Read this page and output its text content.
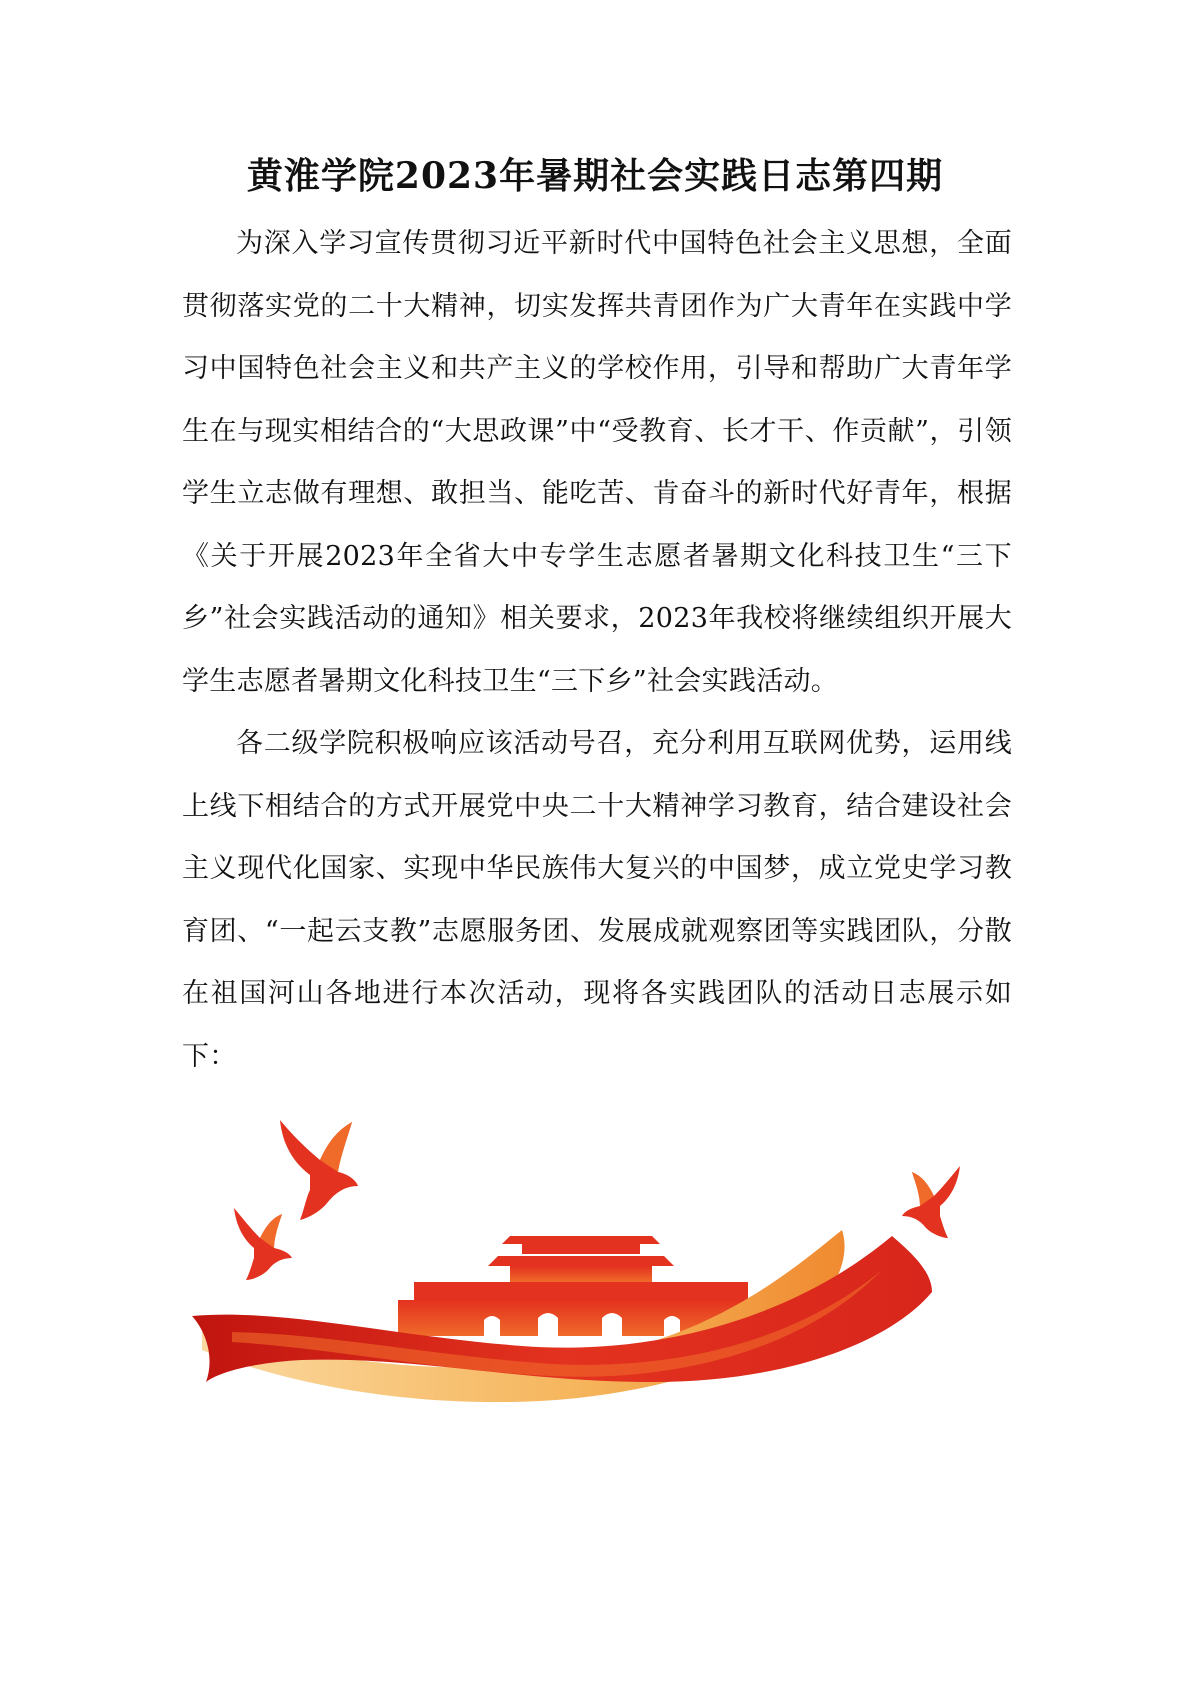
黄淮学院2023年暑期社会实践日志第四期

为深入学习宣传贯彻习近平新时代中国特色社会主义思想，全面贯彻落实党的二十大精神，切实发挥共青团作为广大青年在实践中学习中国特色社会主义和共产主义的学校作用，引导和帮助广大青年学生在与现实相结合的“大思政课”中“受教育、长才干、作贡献”，引领学生立志做有理想、敢担当、能吃苦、肯奋斗的新时代好青年，根据《关于开展2023年全省大中专学生志愿者暑期文化科技卫生“三下乡”社会实践活动的通知》相关要求，2023年我校将继续组织开展大学生志愿者暑期文化科技卫生“三下乡”社会实践活动。

各二级学院积极响应该活动号召，充分利用互联网优势，运用线上线下相结合的方式开展党中央二十大精神学习教育，结合建设社会主义现代化国家、实现中华民族伟大复兴的中国梦，成立党史学习教育团、“一起云支教”志愿服务团、发展成就观察团等实践团队，分散在祖国河山各地进行本次活动，现将各实践团队的活动日志展示如下：
